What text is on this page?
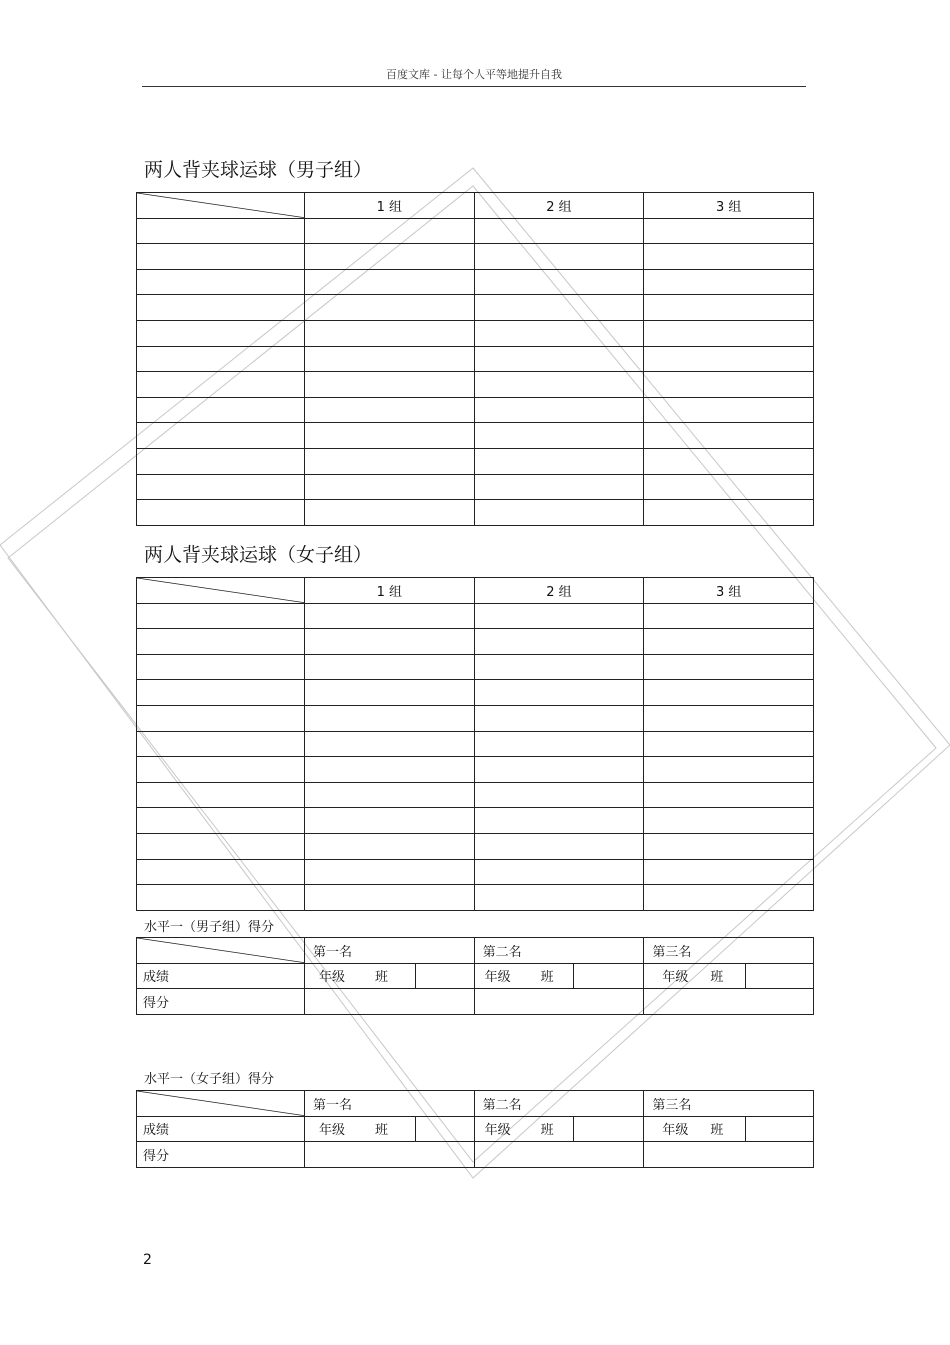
百度文库 - 让每个人平等地提升自我
两人背夹球运球（男子组）
	1 组	2 组	3 组

两人背夹球运球（女子组）
	1 组	2 组	3 组

水平一（男子组）得分
	第一名	第二名	第三名
成绩	年级 班	年级 班	年级 班

得分			
水平一（女子组）得分
	第一名	第二名	第三名
成绩	年级 班	年级 班	年级 班

得分			
2
